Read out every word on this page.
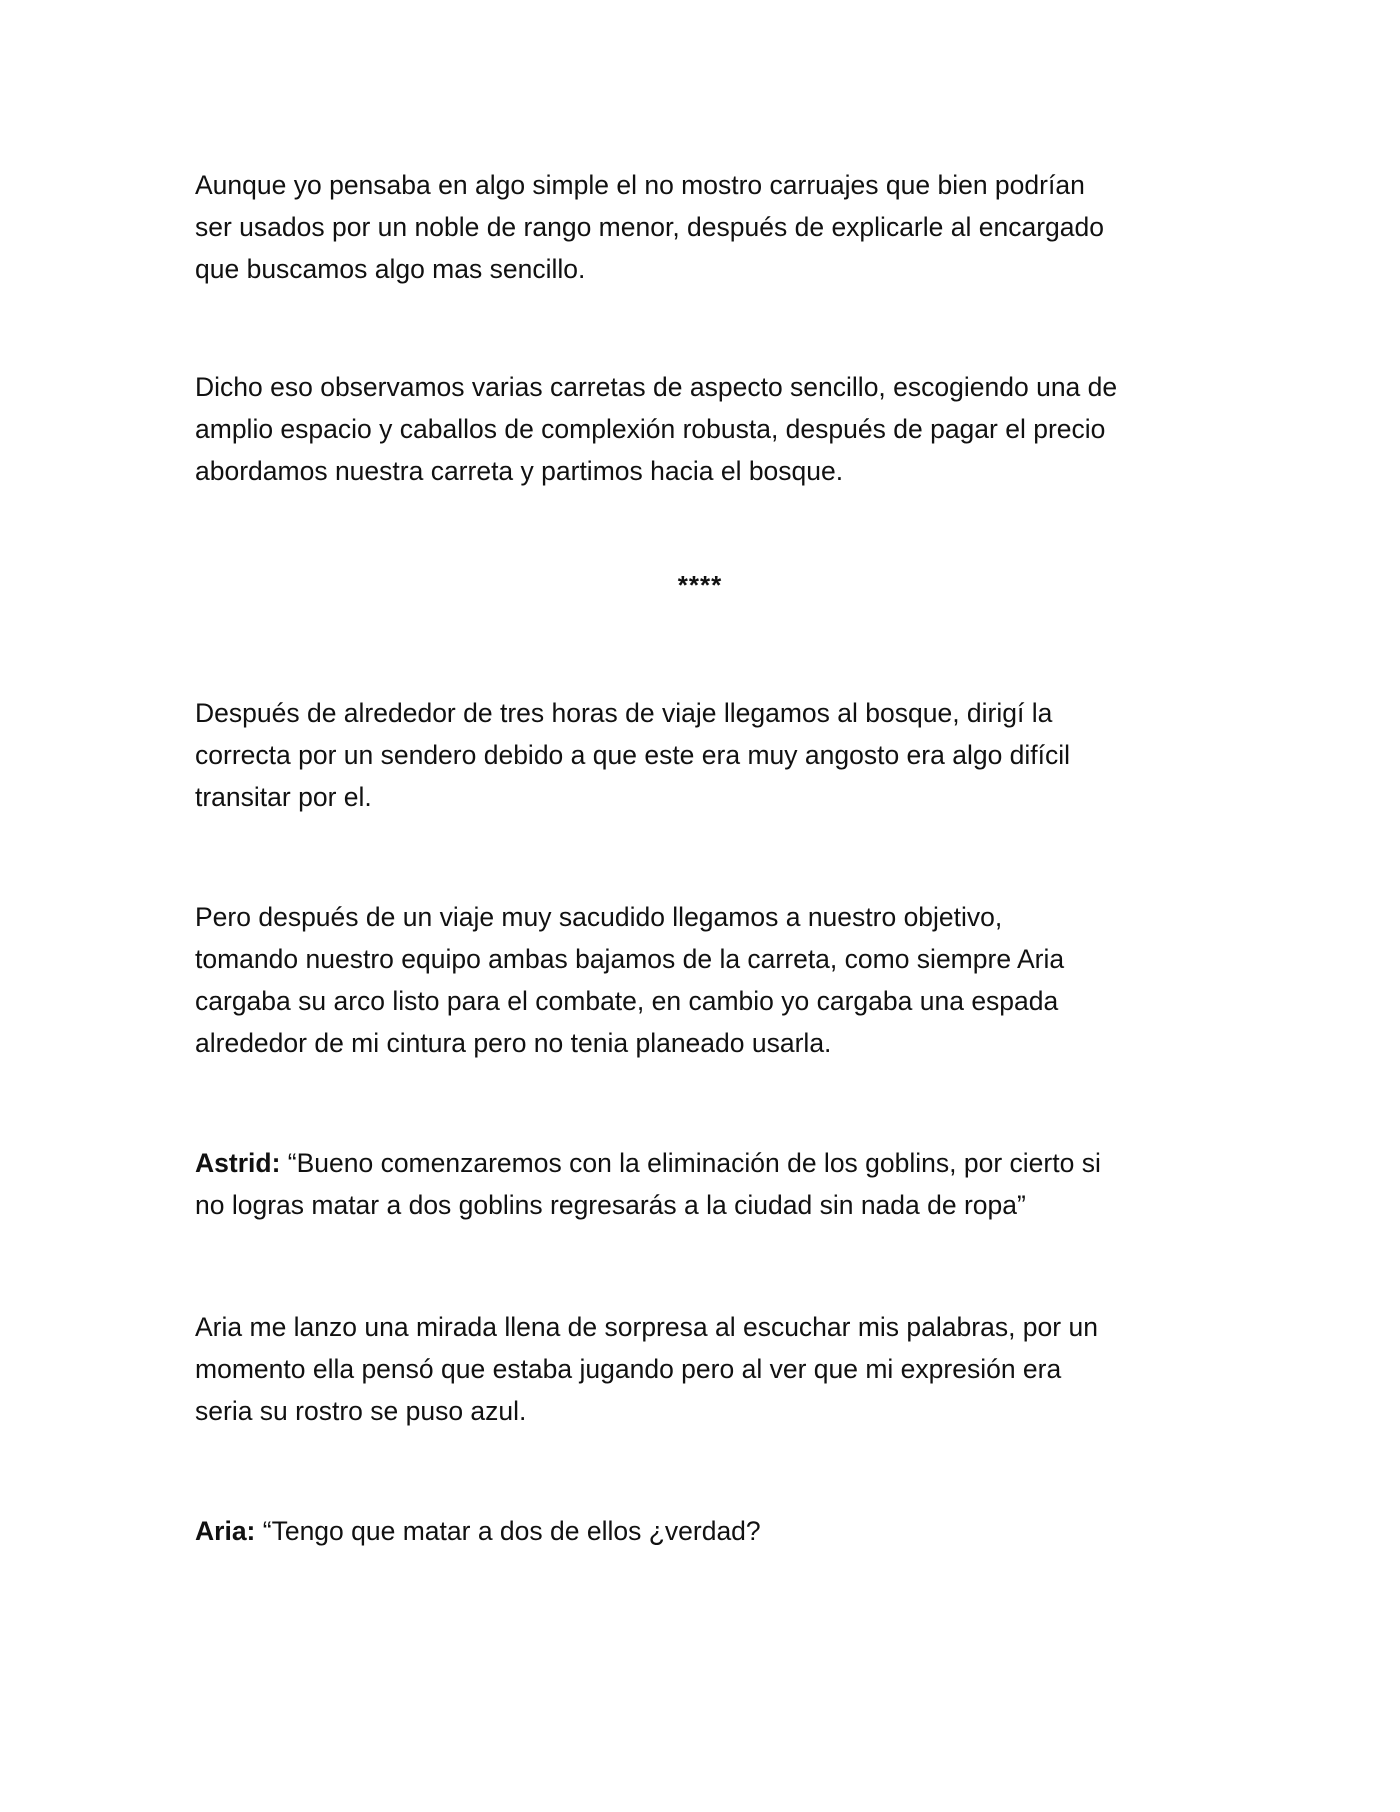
Aunque yo pensaba en algo simple el no mostro carruajes que bien podrían
ser usados por un noble de rango menor, después de explicarle al encargado
que buscamos algo mas sencillo.

Dicho eso observamos varias carretas de aspecto sencillo, escogiendo una de
amplio espacio y caballos de complexión robusta, después de pagar el precio
abordamos nuestra carreta y partimos hacia el bosque.

****

Después de alrededor de tres horas de viaje llegamos al bosque, dirigí la
correcta por un sendero debido a que este era muy angosto era algo difícil
transitar por el.

Pero después de un viaje muy sacudido llegamos a nuestro objetivo,
tomando nuestro equipo ambas bajamos de la carreta, como siempre Aria
cargaba su arco listo para el combate, en cambio yo cargaba una espada
alrededor de mi cintura pero no tenia planeado usarla.

Astrid: “Bueno comenzaremos con la eliminación de los goblins, por cierto si
no logras matar a dos goblins regresarás a la ciudad sin nada de ropa”

Aria me lanzo una mirada llena de sorpresa al escuchar mis palabras, por un
momento ella pensó que estaba jugando pero al ver que mi expresión era
seria su rostro se puso azul.

Aria: “Tengo que matar a dos de ellos ¿verdad?
